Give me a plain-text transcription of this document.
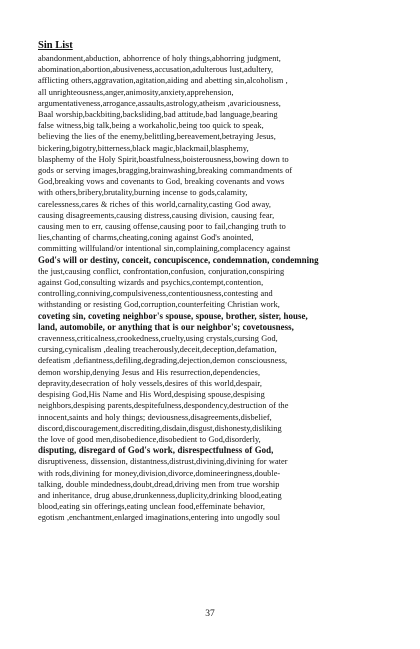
Sin List
abandonment,abduction, abhorrence of holy things,abhorring judgment,
abomination,abortion,abusiveness,accusation,adulterous lust,adultery,
afflicting others,aggravation,agitation,aiding and abetting sin,alcoholism ,
all unrighteousness,anger,animosity,anxiety,apprehension,
argumentativeness,arrogance,assaults,astrology,atheism ,avariciousness,
Baal worship,backbiting,backsliding,bad attitude,bad language,bearing
false witness,big talk,being a workaholic,being too quick to speak,
believing the lies of the enemy,belittling,bereavement,betraying Jesus,
bickering,bigotry,bitterness,black magic,blackmail,blasphemy,
blasphemy of the Holy Spirit,boastfulness,boisterousness,bowing down to
gods or serving images,bragging,brainwashing,breaking commandments of
God,breaking vows and covenants to God, breaking covenants and vows
with others,bribery,brutality,burning incense to gods,calamity,
carelessness,cares & riches of this world,carnality,casting God away,
causing disagreements,causing distress,causing division, causing fear,
causing men to err, causing offense,causing poor to fail,changing truth to
lies,chanting of charms,cheating,coning against God's anointed,
committing willfuland/or intentional sin,complaining,complacency against
God's will or destiny, conceit, concupiscence, condemnation, condemning
the just,causing conflict, confrontation,confusion, conjuration,conspiring
against God,consulting wizards and psychics,contempt,contention,
controlling,conniving,compulsiveness,contentiousness,contesting and
withstanding or resisting God,corruption,counterfeiting Christian work,
coveting sin, coveting neighbor's spouse, spouse, brother, sister, house,
land, automobile, or anything that is our neighbor's; covetousness,
cravenness,criticalness,crookedness,cruelty,using crystals,cursing God,
cursing,cynicalism ,dealing treacherously,deceit,deception,defamation,
defeatism ,defiantness,defiling,degrading,dejection,demon consciousness,
demon worship,denying Jesus and His resurrection,dependencies,
depravity,desecration of holy vessels,desires of this world,despair,
despising God,His Name and His Word,despising spouse,despising
neighbors,despising parents,despitefulness,despondency,destruction of the
innocent,saints and holy things; deviousness,disagreements,disbelief,
discord,discouragement,discrediting,disdain,disgust,dishonesty,disliking
the love of good men,disobedience,disobedient to God,disorderly,
disputing, disregard of God's work, disrespectfulness of God,
disruptiveness, dissension, distantness,distrust,divining,divining for water
with rods,divining for money,division,divorce,domineeringness,double-
talking, double mindedness,doubt,dread,driving men from true worship
and inheritance, drug abuse,drunkenness,duplicity,drinking blood,eating
blood,eating sin offerings,eating unclean food,effeminate behavior,
egotism ,enchantment,enlarged imaginations,entering into ungodly soul
37
